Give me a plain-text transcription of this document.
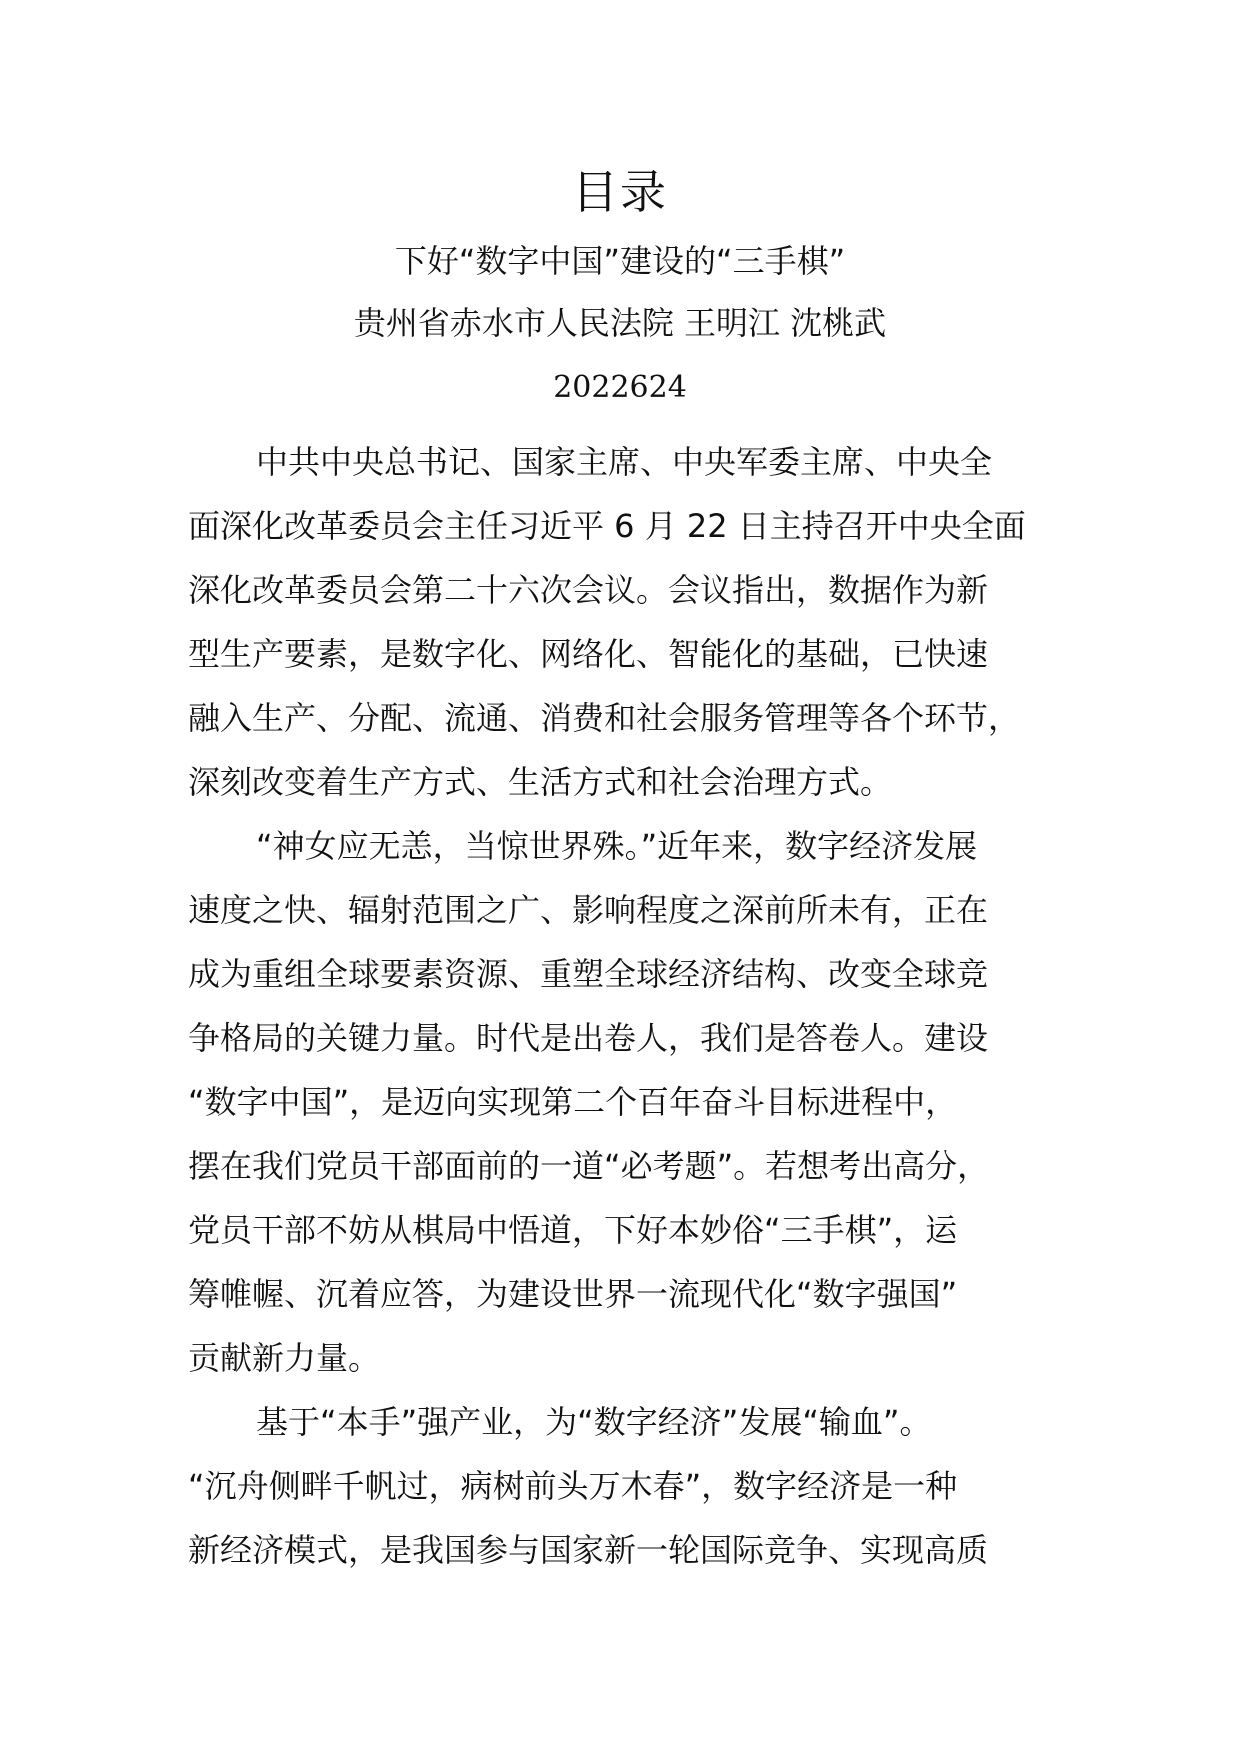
目录
下好“数字中国”建设的“三手棋”
贵州省赤水市人民法院 王明江 沈桃武
2022624
中共中央总书记、国家主席、中央军委主席、中央全
面深化改革委员会主任习近平 6 月 22 日主持召开中央全面
深化改革委员会第二十六次会议。会议指出，数据作为新
型生产要素，是数字化、网络化、智能化的基础，已快速
融入生产、分配、流通、消费和社会服务管理等各个环节，
深刻改变着生产方式、生活方式和社会治理方式。
“神女应无恙，当惊世界殊。”近年来，数字经济发展
速度之快、辐射范围之广、影响程度之深前所未有，正在
成为重组全球要素资源、重塑全球经济结构、改变全球竞
争格局的关键力量。时代是出卷人，我们是答卷人。建设
“数字中国”，是迈向实现第二个百年奋斗目标进程中，
摆在我们党员干部面前的一道“必考题”。若想考出高分，
党员干部不妨从棋局中悟道，下好本妙俗“三手棋”，运
筹帷幄、沉着应答，为建设世界一流现代化“数字强国”
贡献新力量。
基于“本手”强产业，为“数字经济”发展“输血”。
“沉舟侧畔千帆过，病树前头万木春”，数字经济是一种
新经济模式，是我国参与国家新一轮国际竞争、实现高质
